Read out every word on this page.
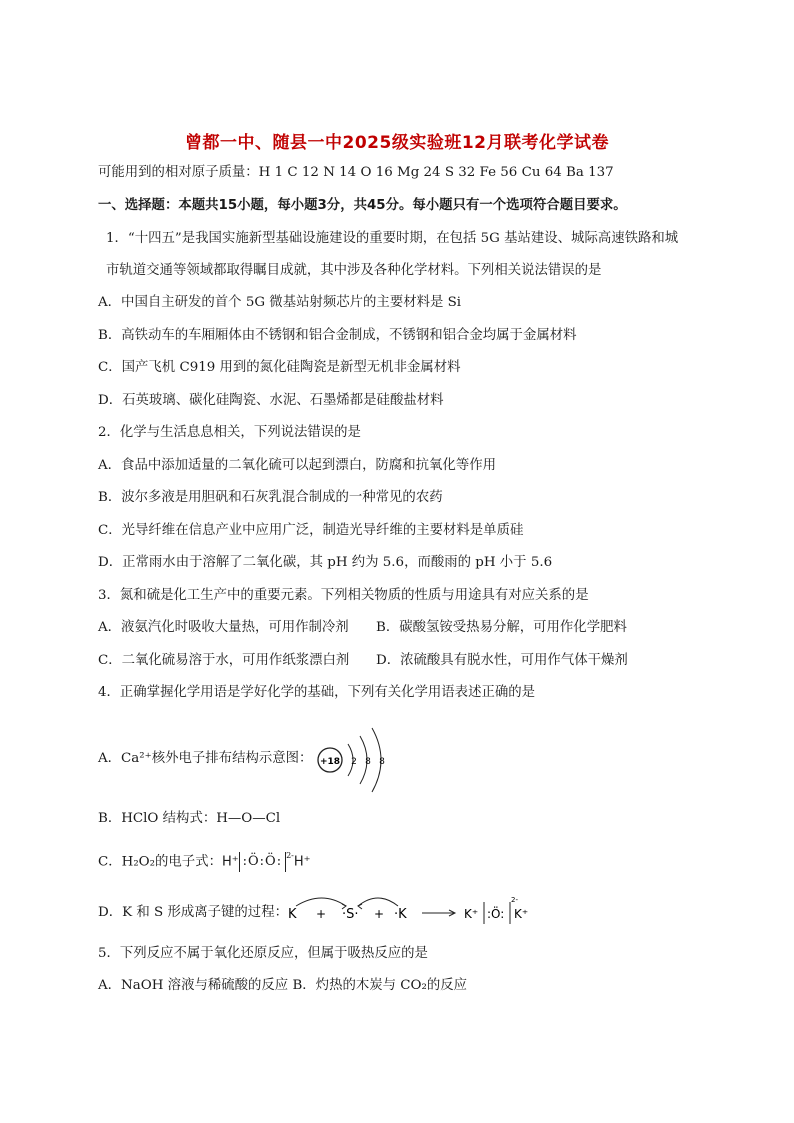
曾都一中、随县一中2025级实验班12月联考化学试卷
可能用到的相对原子质量：H 1 C 12 N 14 O 16 Mg 24 S 32 Fe 56 Cu 64 Ba 137
一、选择题：本题共15小题，每小题3分，共45分。每小题只有一个选项符合题目要求。
1．“十四五”是我国实施新型基础设施建设的重要时期，在包括 5G 基站建设、城际高速铁路和城
市轨道交通等领域都取得瞩目成就，其中涉及各种化学材料。下列相关说法错误的是
A．中国自主研发的首个 5G 微基站射频芯片的主要材料是 Si
B．高铁动车的车厢厢体由不锈钢和铝合金制成，不锈钢和铝合金均属于金属材料
C．国产飞机 C919 用到的氮化硅陶瓷是新型无机非金属材料
D．石英玻璃、碳化硅陶瓷、水泥、石墨烯都是硅酸盐材料
2．化学与生活息息相关，下列说法错误的是
A．食品中添加适量的二氧化硫可以起到漂白，防腐和抗氧化等作用
B．波尔多液是用胆矾和石灰乳混合制成的一种常见的农药
C．光导纤维在信息产业中应用广泛，制造光导纤维的主要材料是单质硅
D．正常雨水由于溶解了二氧化碳，其 pH 约为 5.6，而酸雨的 pH 小于 5.6
3．氮和硫是化工生产中的重要元素。下列相关物质的性质与用途具有对应关系的是
A．液氨汽化时吸收大量热，可用作制冷剂 B．碳酸氢铵受热易分解，可用作化学肥料
C．二氧化硫易溶于水，可用作纸浆漂白剂 D．浓硫酸具有脱水性，可用作气体干燥剂
4．正确掌握化学用语是学好化学的基础，下列有关化学用语表述正确的是
A．Ca²⁺核外电子排布结构示意图： +18 2 8 8
B．HClO 结构式：H—O—Cl
C．H₂O₂的电子式：H⁺ :Ö:Ö: $^{2-}$H⁺
D．K 和 S 形成离子键的过程： K + ·S· + ·K	K⁺ :Ö:
2-
K⁺
5．下列反应不属于氧化还原反应，但属于吸热反应的是
A．NaOH 溶液与稀硫酸的反应 B．灼热的木炭与 CO₂的反应
